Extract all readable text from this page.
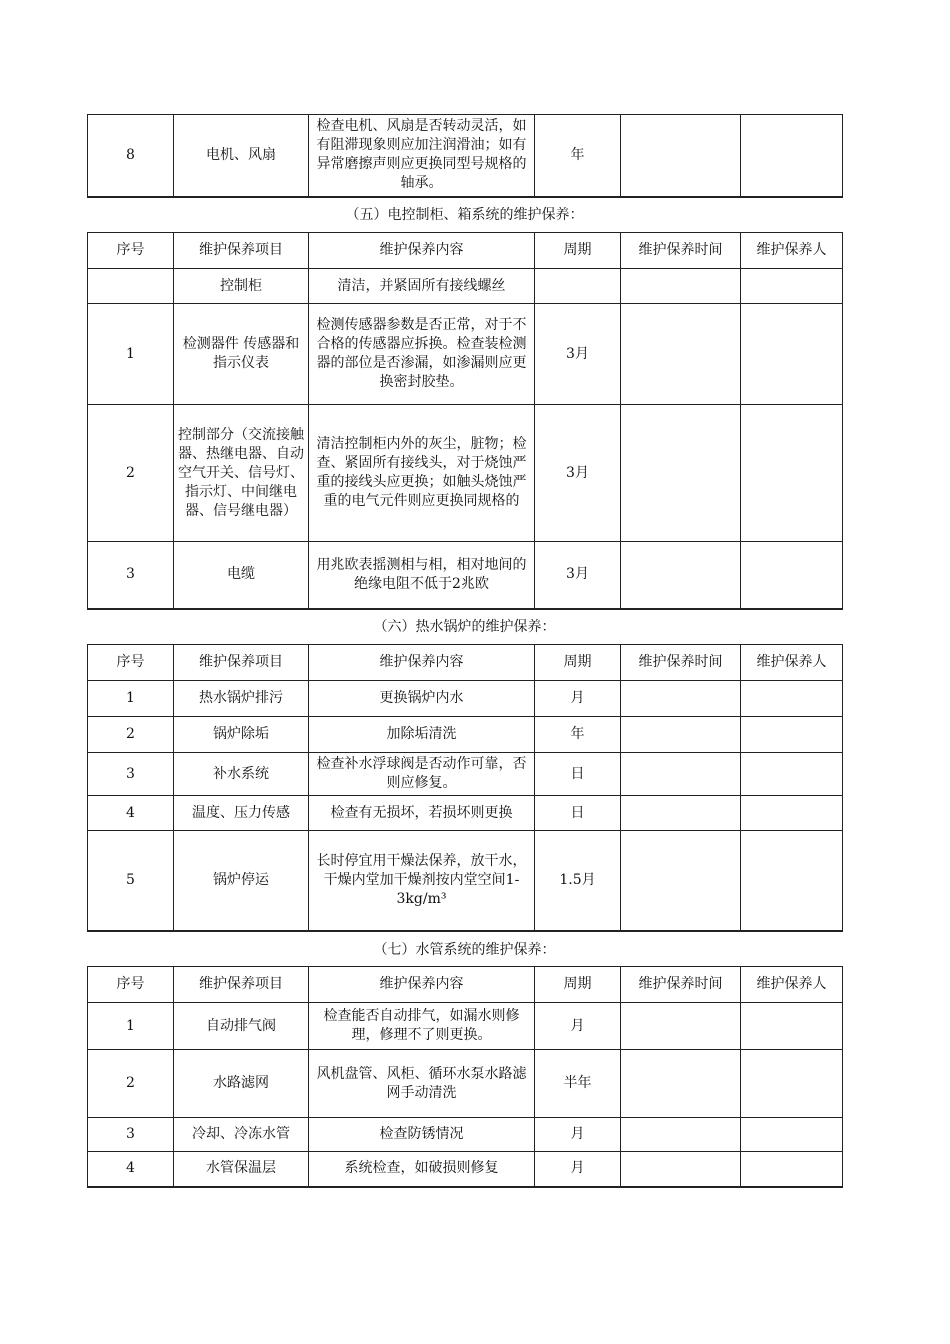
8	电机、风扇	检查电机、风扇是否转动灵活，如有阻滞现象则应加注润滑油；如有异常磨擦声则应更换同型号规格的轴承。	年		
（五）电控制柜、箱系统的维护保养：
序号	维护保养项目	维护保养内容	周期	维护保养时间	维护保养人
	控制柜	清洁，并紧固所有接线螺丝			
1	检测器件 传感器和指示仪表	检测传感器参数是否正常，对于不合格的传感器应拆换。检查装检测器的部位是否渗漏，如渗漏则应更换密封胶垫。	3月		
2	控制部分（交流接触器、热继电器、自动空气开关、信号灯、指示灯、中间继电器、信号继电器）	清洁控制柜内外的灰尘，脏物；检查、紧固所有接线头，对于烧蚀严重的接线头应更换；如触头烧蚀严重的电气元件则应更换同规格的	3月		
3	电缆	用兆欧表摇测相与相，相对地间的绝缘电阻不低于2兆欧	3月		
（六）热水锅炉的维护保养：
序号	维护保养项目	维护保养内容	周期	维护保养时间	维护保养人
1	热水锅炉排污	更换锅炉内水	月		
2	锅炉除垢	加除垢清洗	年		
3	补水系统	检查补水浮球阀是否动作可靠，否则应修复。	日		
4	温度、压力传感	检查有无损坏，若损坏则更换	日		
5	锅炉停运	长时停宜用干燥法保养，放干水，干燥内堂加干燥剂按内堂空间1-3kg/m³	1.5月		
（七）水管系统的维护保养：
序号	维护保养项目	维护保养内容	周期	维护保养时间	维护保养人
1	自动排气阀	检查能否自动排气，如漏水则修理，修理不了则更换。	月		
2	水路滤网	风机盘管、风柜、循环水泵水路滤网手动清洗	半年		
3	冷却、冷冻水管	检查防锈情况	月		
4	水管保温层	系统检查，如破损则修复	月		
